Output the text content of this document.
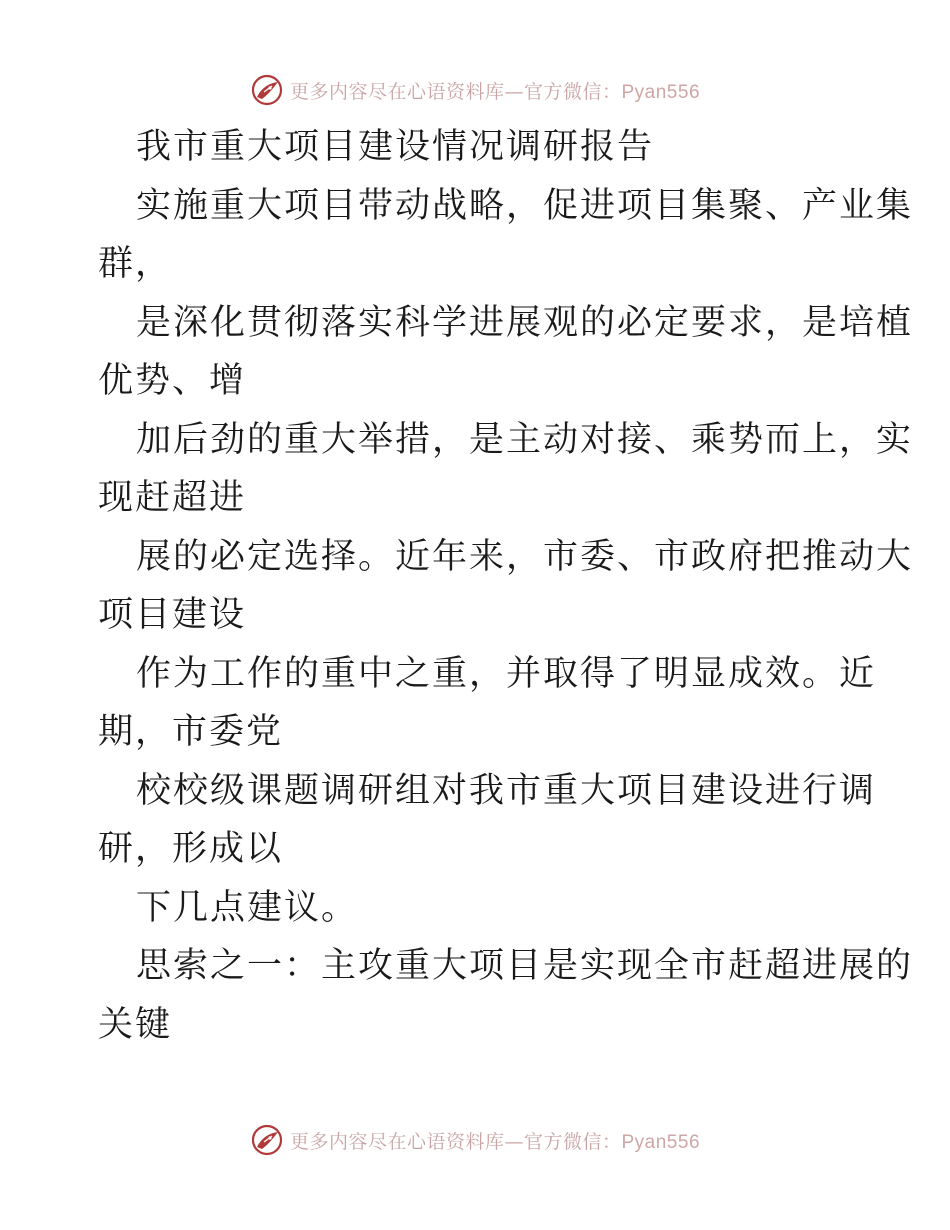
更多内容尽在心语资料库—官方微信：Pyan556
我市重大项目建设情况调研报告
实施重大项目带动战略，促进项目集聚、产业集
群，
是深化贯彻落实科学进展观的必定要求，是培植
优势、增
加后劲的重大举措，是主动对接、乘势而上，实
现赶超进
展的必定选择。近年来，市委、市政府把推动大
项目建设
作为工作的重中之重，并取得了明显成效。近
期，市委党
校校级课题调研组对我市重大项目建设进行调
研，形成以
下几点建议。
思索之一：主攻重大项目是实现全市赶超进展的
关键
更多内容尽在心语资料库—官方微信：Pyan556
